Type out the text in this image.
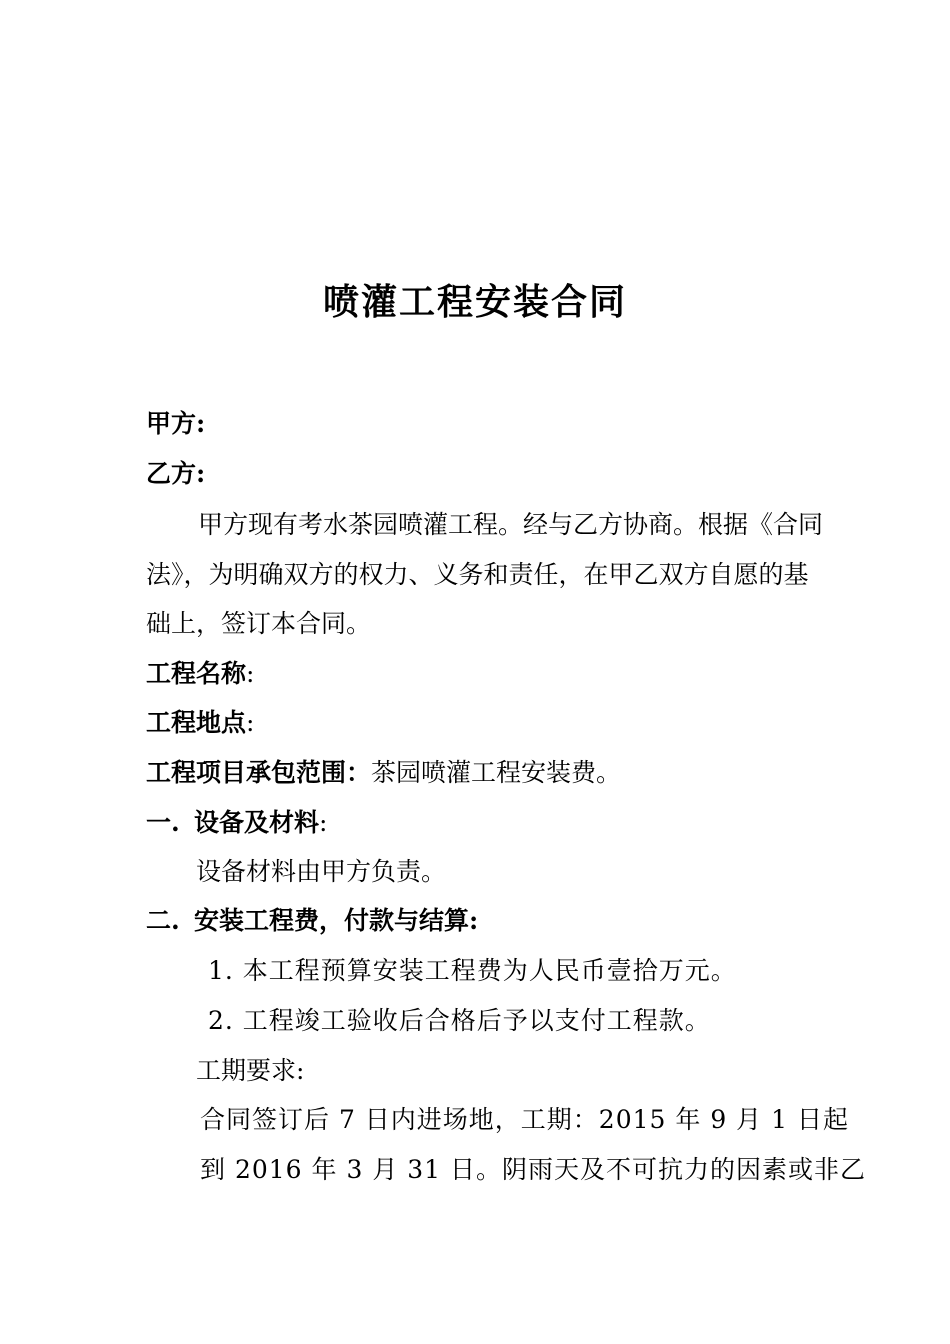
喷灌工程安装合同
甲方:
乙方:
甲方现有考水茶园喷灌工程。经与乙方协商。根据《合同
法》，为明确双方的权力、义务和责任，在甲乙双方自愿的基
础上，签订本合同。
工程名称:
工程地点:
工程项目承包范围：茶园喷灌工程安装费。
一. 设备及材料:
设备材料由甲方负责。
二. 安装工程费，付款与结算:
1. 本工程预算安装工程费为人民币壹拾万元。
2. 工程竣工验收后合格后予以支付工程款。
工期要求:
合同签订后 7 日内进场地，工期：2015 年 9 月 1 日起
到 2016 年 3 月 31 日。阴雨天及不可抗力的因素或非乙
